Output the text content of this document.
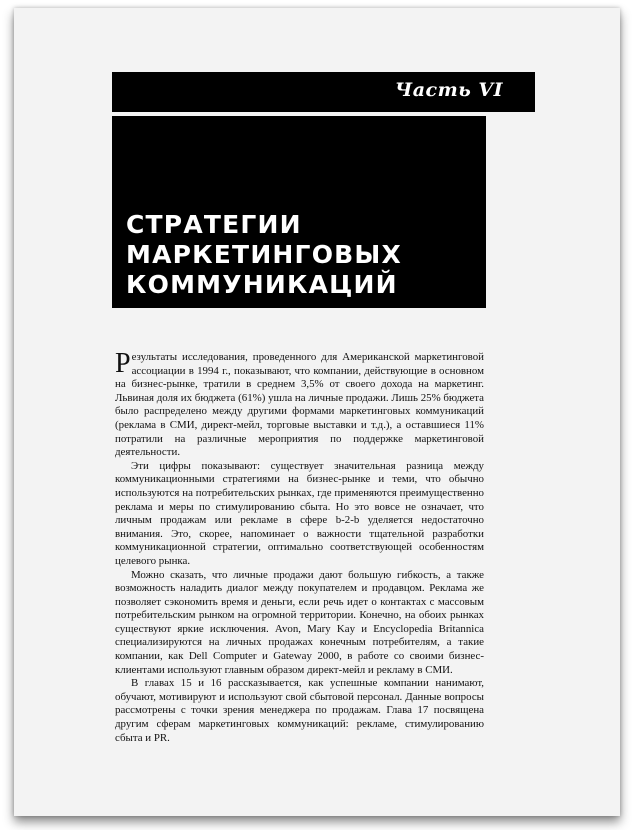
Часть VI
СТРАТЕГИИ
МАРКЕТИНГОВЫХ
КОММУНИКАЦИЙ

Результаты исследования, проведенного для Американской маркетинговой ассоциации в 1994 г., показывают, что компании, действующие в основном на бизнес-рынке, тратили в среднем 3,5% от своего дохода на маркетинг. Львиная доля их бюджета (61%) ушла на личные продажи. Лишь 25% бюджета было распределено между другими формами маркетинговых коммуникаций (реклама в СМИ, директ-мейл, торговые выставки и т.д.), а оставшиеся 11% потратили на различные мероприятия по поддержке маркетинговой деятельности.

Эти цифры показывают: существует значительная разница между коммуникационными стратегиями на бизнес-рынке и теми, что обычно используются на потребительских рынках, где применяются преимущественно реклама и меры по стимулированию сбыта. Но это вовсе не означает, что личным продажам или рекламе в сфере b-2-b уделяется недостаточно внимания. Это, скорее, напоминает о важности тщательной разработки коммуникационной стратегии, оптимально соответствующей особенностям целевого рынка.

Можно сказать, что личные продажи дают большую гибкость, а также возможность наладить диалог между покупателем и продавцом. Реклама же позволяет сэкономить время и деньги, если речь идет о контактах с массовым потребительским рынком на огромной территории. Конечно, на обоих рынках существуют яркие исключения. Avon, Mary Kay и Encyclopedia Britannica специализируются на личных продажах конечным потребителям, а такие компании, как Dell Computer и Gateway 2000, в работе со своими бизнес-клиентами используют главным образом директ-мейл и рекламу в СМИ.

В главах 15 и 16 рассказывается, как успешные компании нанимают, обучают, мотивируют и используют свой сбытовой персонал. Данные вопросы рассмотрены с точки зрения менеджера по продажам. Глава 17 посвящена другим сферам маркетинговых коммуникаций: рекламе, стимулированию сбыта и PR.
